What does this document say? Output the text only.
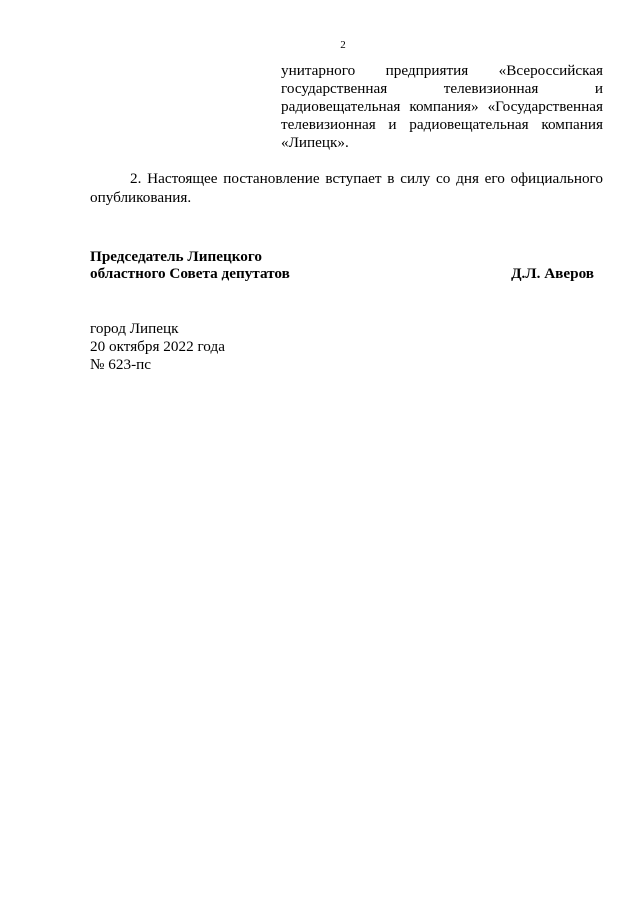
2
унитарного предприятия «Всероссийская
государственная телевизионная и
радиовещательная компания» «Государственная
телевизионная и радиовещательная компания
«Липецк».
2. Настоящее постановление вступает в силу со дня его официального
опубликования.
Председатель Липецкого
областного Совета депутатов	Д.Л. Аверов
город Липецк
20 октября 2022 года
№ 623-пс
